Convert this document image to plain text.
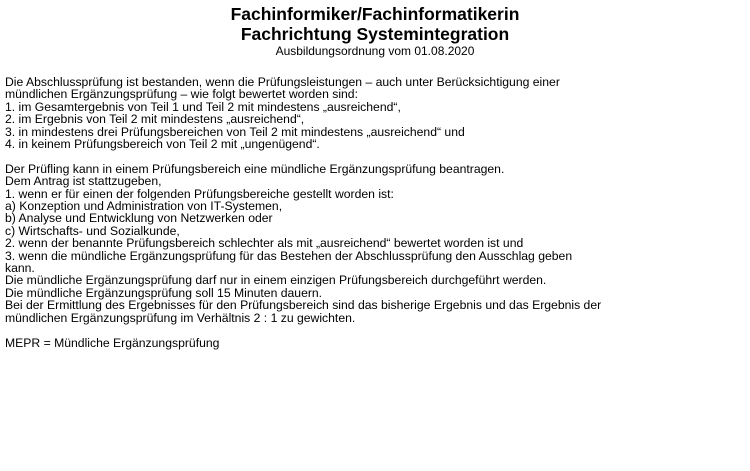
Fachinformiker/Fachinformatikerin

Fachrichtung Systemintegration

Ausbildungsordnung vom 01.08.2020

Die Abschlussprüfung ist bestanden, wenn die Prüfungsleistungen – auch unter Berücksichtigung einer
mündlichen Ergänzungsprüfung – wie folgt bewertet worden sind:
1. im Gesamtergebnis von Teil 1 und Teil 2 mit mindestens „ausreichend“,
2. im Ergebnis von Teil 2 mit mindestens „ausreichend“,
3. in mindestens drei Prüfungsbereichen von Teil 2 mit mindestens „ausreichend“ und
4. in keinem Prüfungsbereich von Teil 2 mit „ungenügend“.
Der Prüfling kann in einem Prüfungsbereich eine mündliche Ergänzungsprüfung beantragen.
Dem Antrag ist stattzugeben,
1. wenn er für einen der folgenden Prüfungsbereiche gestellt worden ist:
a) Konzeption und Administration von IT-Systemen,
b) Analyse und Entwicklung von Netzwerken oder
c) Wirtschafts- und Sozialkunde,
2. wenn der benannte Prüfungsbereich schlechter als mit „ausreichend“ bewertet worden ist und
3. wenn die mündliche Ergänzungsprüfung für das Bestehen der Abschlussprüfung den Ausschlag geben
kann.
Die mündliche Ergänzungsprüfung darf nur in einem einzigen Prüfungsbereich durchgeführt werden.
Die mündliche Ergänzungsprüfung soll 15 Minuten dauern.
Bei der Ermittlung des Ergebnisses für den Prüfungsbereich sind das bisherige Ergebnis und das Ergebnis der
mündlichen Ergänzungsprüfung im Verhältnis 2 : 1 zu gewichten.
MEPR = Mündliche Ergänzungsprüfung
